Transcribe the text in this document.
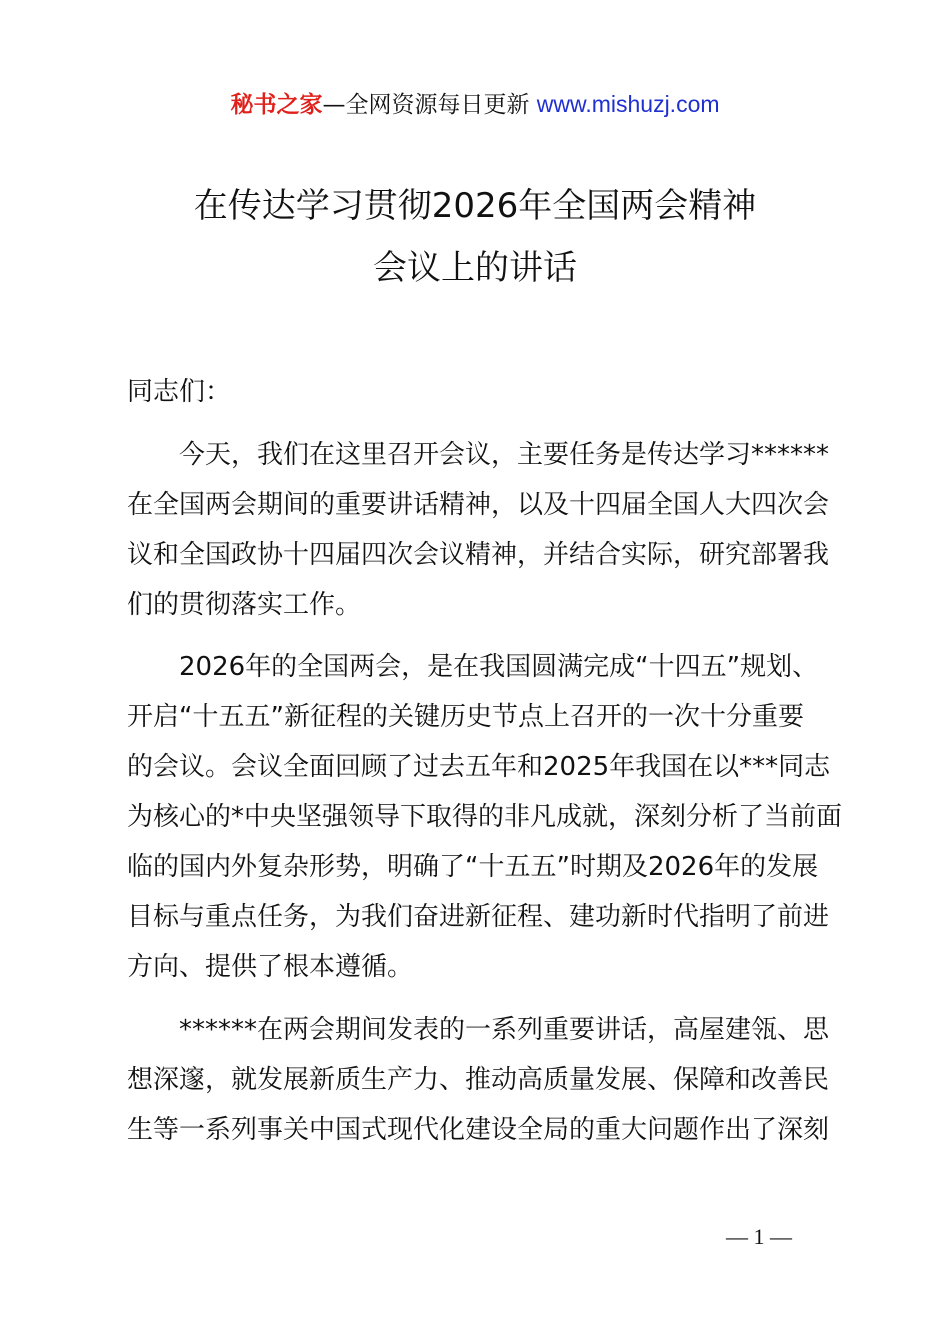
秘书之家—全网资源每日更新 www.mishuzj.com
在传达学习贯彻2026年全国两会精神
会议上的讲话
同志们：
今天，我们在这里召开会议，主要任务是传达学习******
在全国两会期间的重要讲话精神，以及十四届全国人大四次会
议和全国政协十四届四次会议精神，并结合实际，研究部署我
们的贯彻落实工作。
2026年的全国两会，是在我国圆满完成“十四五”规划、
开启“十五五”新征程的关键历史节点上召开的一次十分重要
的会议。会议全面回顾了过去五年和2025年我国在以***同志
为核心的*中央坚强领导下取得的非凡成就，深刻分析了当前面
临的国内外复杂形势，明确了“十五五”时期及2026年的发展
目标与重点任务，为我们奋进新征程、建功新时代指明了前进
方向、提供了根本遵循。
******在两会期间发表的一系列重要讲话，高屋建瓴、思
想深邃，就发展新质生产力、推动高质量发展、保障和改善民
生等一系列事关中国式现代化建设全局的重大问题作出了深刻
— 1 —
